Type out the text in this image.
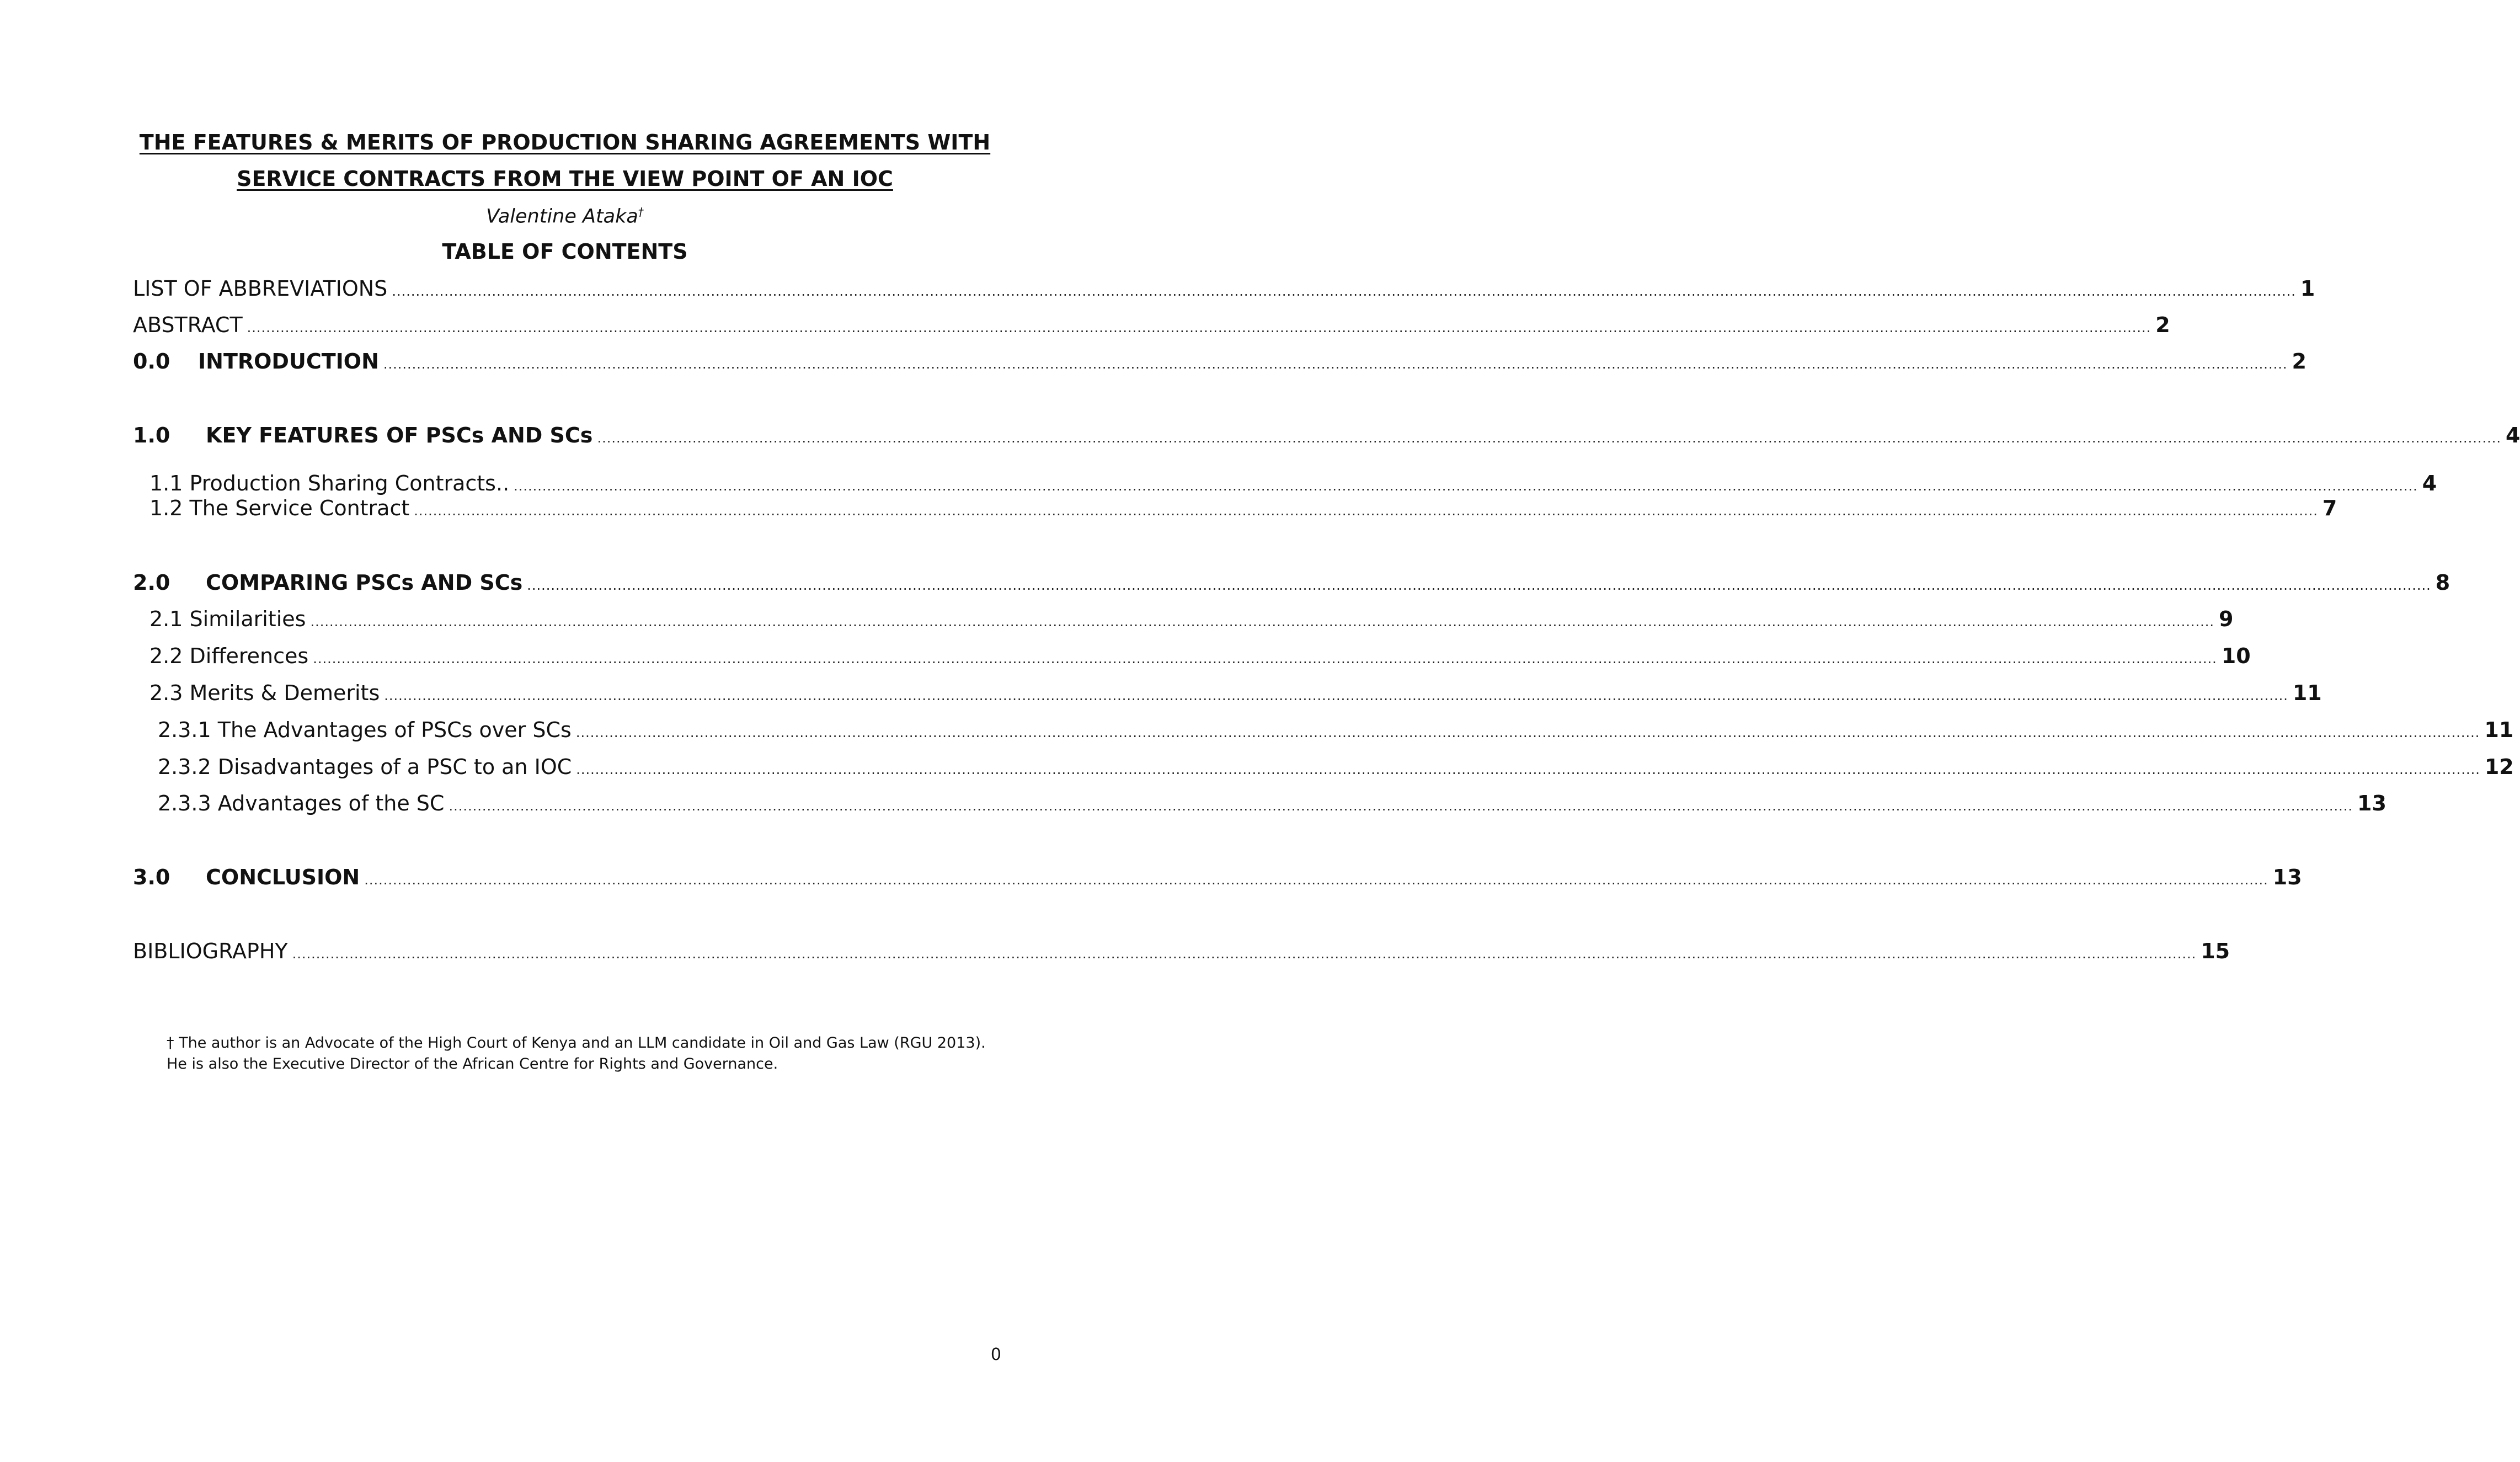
THE FEATURES & MERITS OF PRODUCTION SHARING AGREEMENTS WITH
SERVICE CONTRACTS FROM THE VIEW POINT OF AN IOC
Valentine Ataka†
TABLE OF CONTENTS
LIST OF ABBREVIATIONS ................................................................................................................................................................................................................................................................................................................................................................................................................ 1
ABSTRACT ................................................................................................................................................................................................................................................................................................................................................................................................................ 2
0.0	INTRODUCTION ................................................................................................................................................................................................................................................................................................................................................................................................................ 2
1.0	KEY FEATURES OF PSCs AND SCs ................................................................................................................................................................................................................................................................................................................................................................................................................ 4
1.1 Production Sharing Contracts.. ................................................................................................................................................................................................................................................................................................................................................................................................................ 4
1.2 The Service Contract ................................................................................................................................................................................................................................................................................................................................................................................................................ 7
2.0	COMPARING PSCs AND SCs ................................................................................................................................................................................................................................................................................................................................................................................................................ 8
2.1 Similarities ................................................................................................................................................................................................................................................................................................................................................................................................................ 9
2.2 Differences ................................................................................................................................................................................................................................................................................................................................................................................................................ 10
2.3 Merits & Demerits ................................................................................................................................................................................................................................................................................................................................................................................................................ 11
2.3.1 The Advantages of PSCs over SCs ................................................................................................................................................................................................................................................................................................................................................................................................................ 11
2.3.2 Disadvantages of a PSC to an IOC ................................................................................................................................................................................................................................................................................................................................................................................................................ 12
2.3.3 Advantages of the SC ................................................................................................................................................................................................................................................................................................................................................................................................................ 13
3.0	CONCLUSION ................................................................................................................................................................................................................................................................................................................................................................................................................ 13
BIBLIOGRAPHY ................................................................................................................................................................................................................................................................................................................................................................................................................ 15
† The author is an Advocate of the High Court of Kenya and an LLM candidate in Oil and Gas Law (RGU 2013).
He is also the Executive Director of the African Centre for Rights and Governance.
0
